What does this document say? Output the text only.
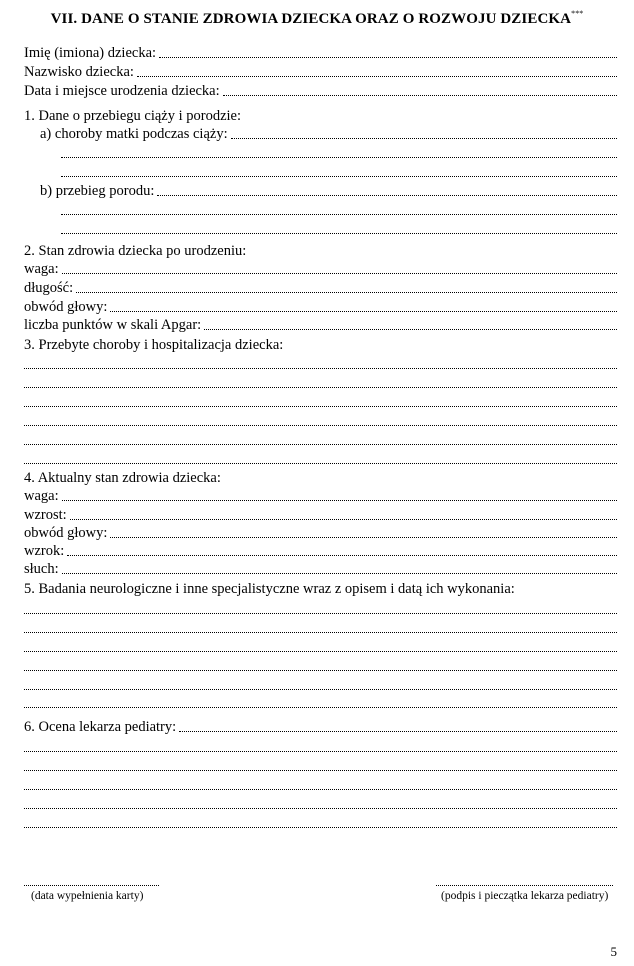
VII. DANE O STANIE ZDROWIA DZIECKA ORAZ O ROZWOJU DZIECKA***
Imię (imiona) dziecka:
Nazwisko dziecka:
Data i miejsce urodzenia dziecka:
1. Dane o przebiegu ciąży i porodzie:
a) choroby matki podczas ciąży:
b) przebieg porodu:
2. Stan zdrowia dziecka po urodzeniu:
waga:
długość:
obwód głowy:
liczba punktów w skali Apgar:
3. Przebyte choroby i hospitalizacja dziecka:
4. Aktualny stan zdrowia dziecka:
waga:
wzrost:
obwód głowy:
wzrok:
słuch:
5. Badania neurologiczne i inne specjalistyczne wraz z opisem i datą ich wykonania:
6. Ocena lekarza pediatry:
(data wypełnienia karty)	(podpis i pieczątka lekarza pediatry)
5
